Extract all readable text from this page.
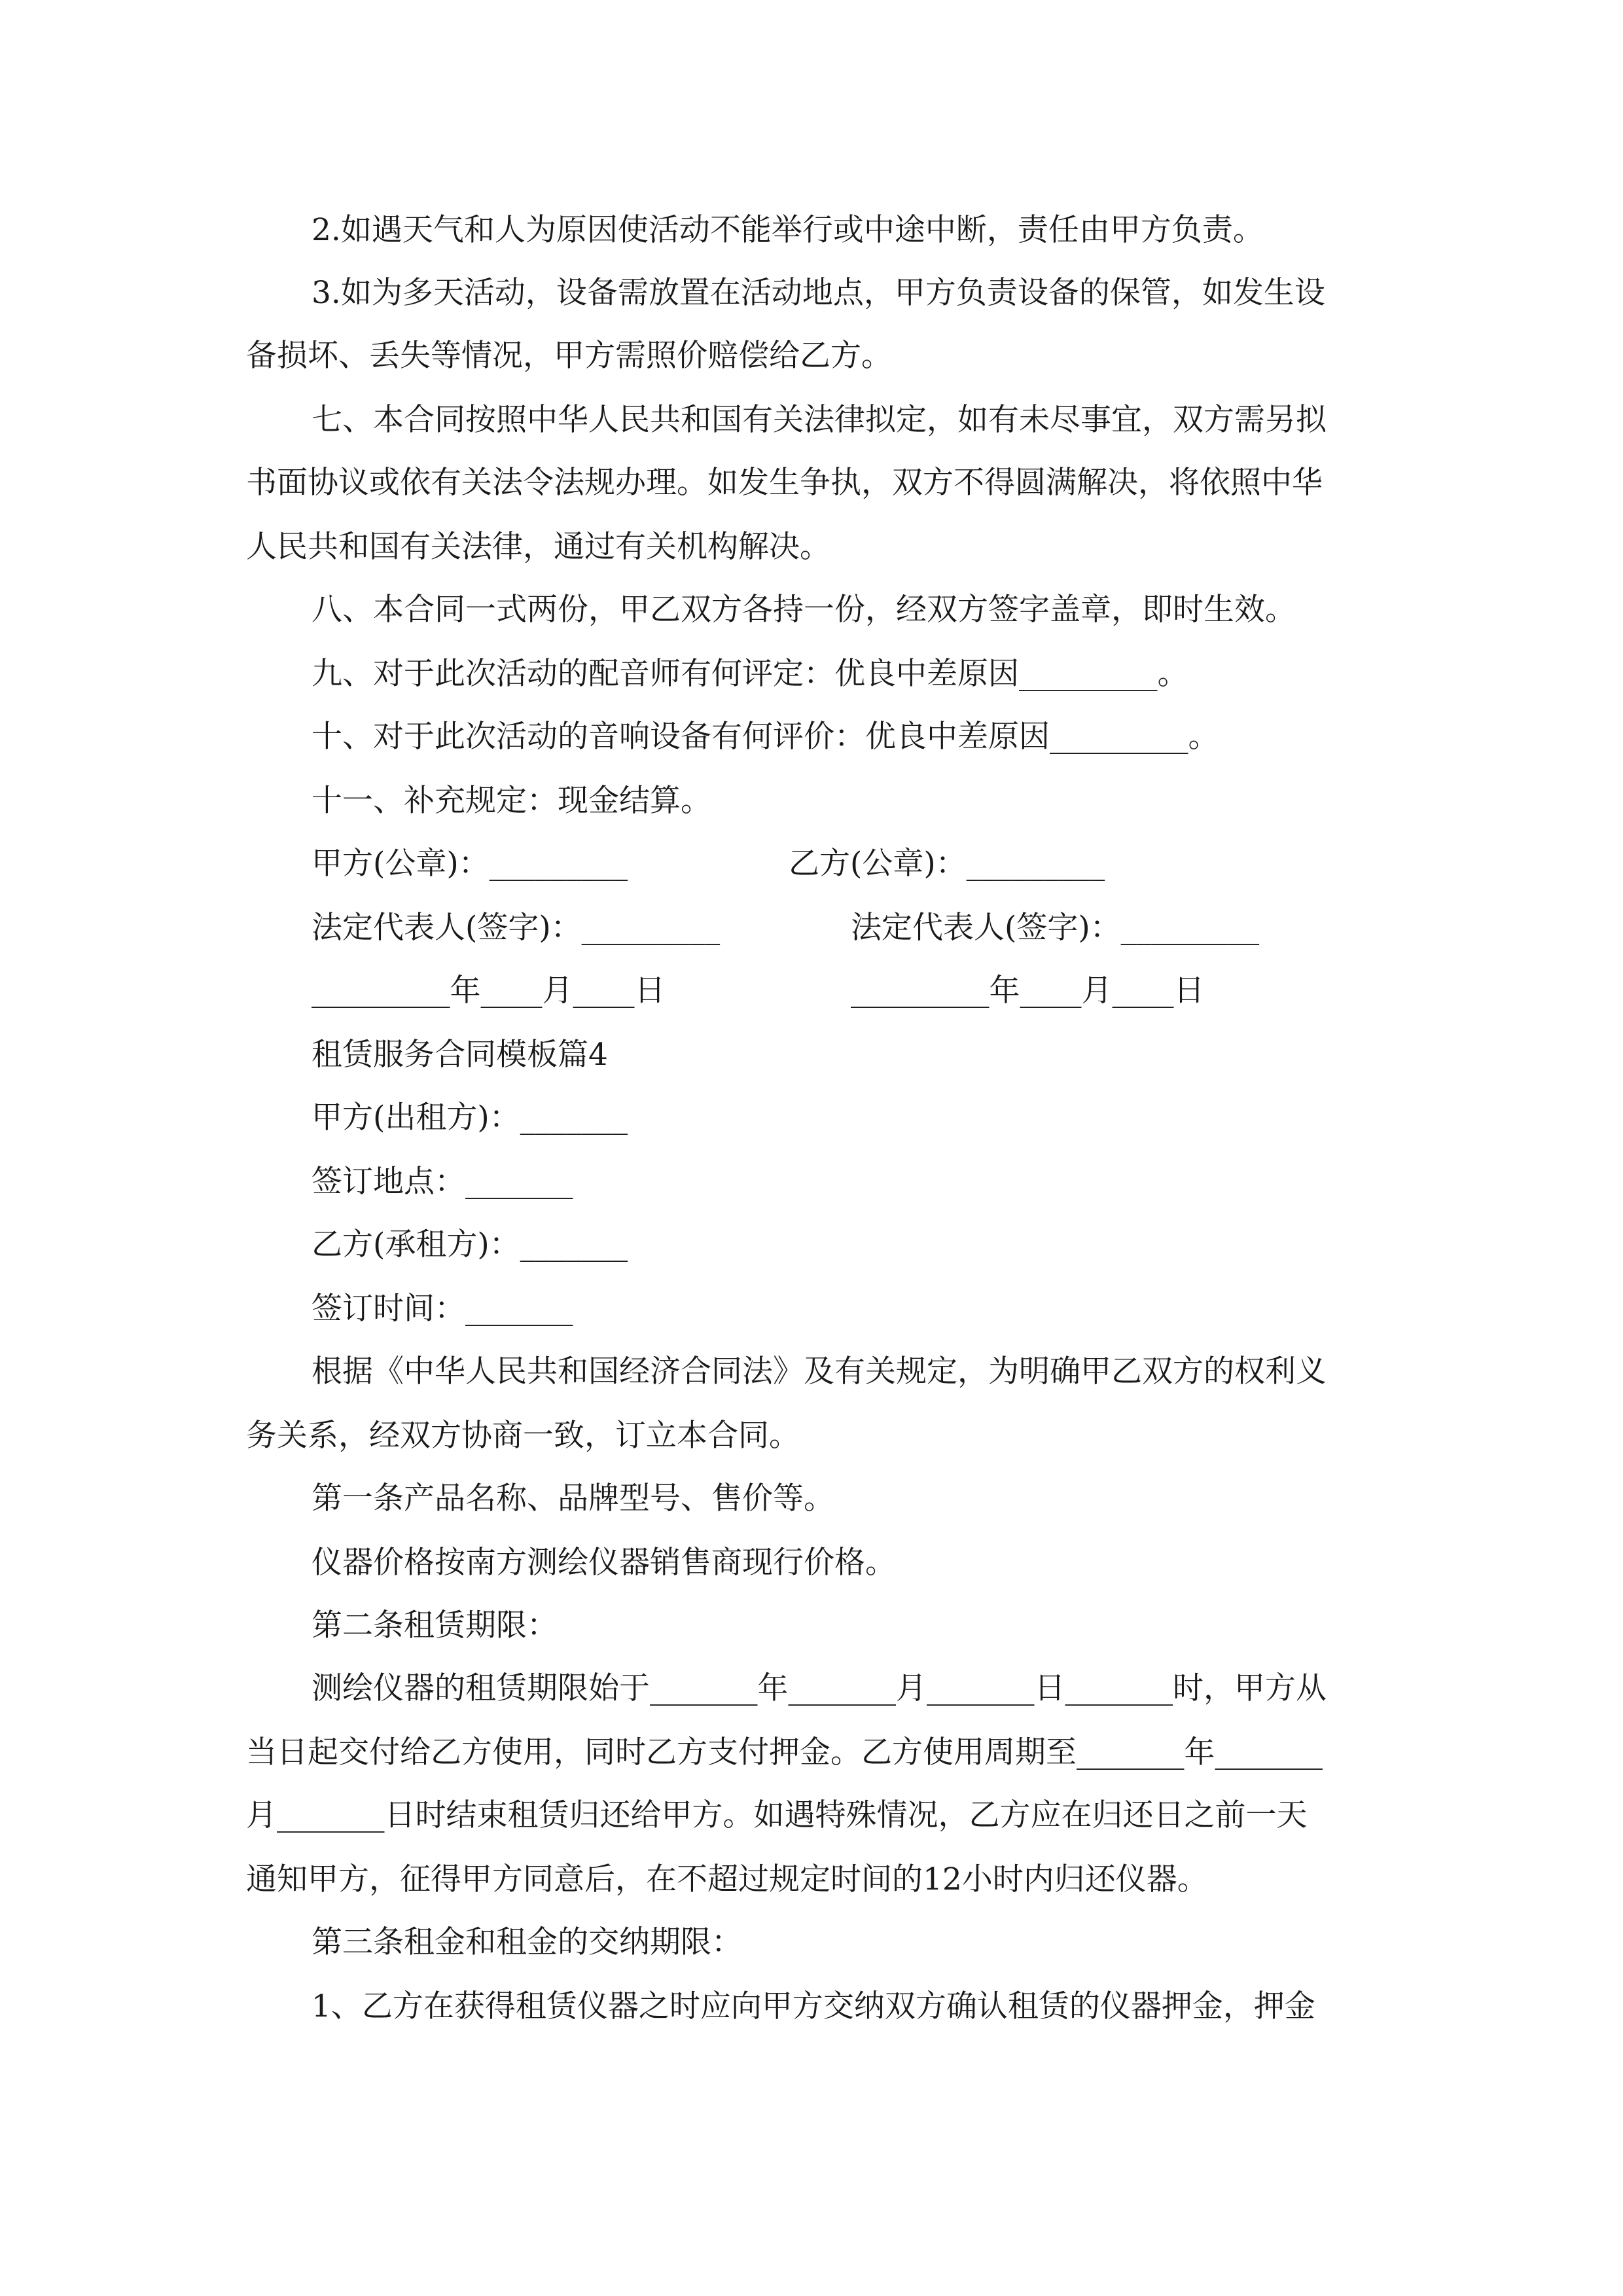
2.如遇天气和人为原因使活动不能举行或中途中断，责任由甲方负责。
3.如为多天活动，设备需放置在活动地点，甲方负责设备的保管，如发生设
备损坏、丢失等情况，甲方需照价赔偿给乙方。
七、本合同按照中华人民共和国有关法律拟定，如有未尽事宜，双方需另拟
书面协议或依有关法令法规办理。如发生争执，双方不得圆满解决，将依照中华
人民共和国有关法律，通过有关机构解决。
八、本合同一式两份，甲乙双方各持一份，经双方签字盖章，即时生效。
九、对于此次活动的配音师有何评定：优良中差原因_________。
十、对于此次活动的音响设备有何评价：优良中差原因_________。
十一、补充规定：现金结算。
甲方(公章)：_________	乙方(公章)：_________
法定代表人(签字)：_________	法定代表人(签字)：_________
_________年____月____日	_________年____月____日
租赁服务合同模板篇4
甲方(出租方)：_______
签订地点：_______
乙方(承租方)：_______
签订时间：_______
根据《中华人民共和国经济合同法》及有关规定，为明确甲乙双方的权利义
务关系，经双方协商一致，订立本合同。
第一条产品名称、品牌型号、售价等。
仪器价格按南方测绘仪器销售商现行价格。
第二条租赁期限：
测绘仪器的租赁期限始于_______年_______月_______日_______时，甲方从
当日起交付给乙方使用，同时乙方支付押金。乙方使用周期至_______年_______
月_______日时结束租赁归还给甲方。如遇特殊情况，乙方应在归还日之前一天
通知甲方，征得甲方同意后，在不超过规定时间的12小时内归还仪器。
第三条租金和租金的交纳期限：
1、乙方在获得租赁仪器之时应向甲方交纳双方确认租赁的仪器押金，押金
